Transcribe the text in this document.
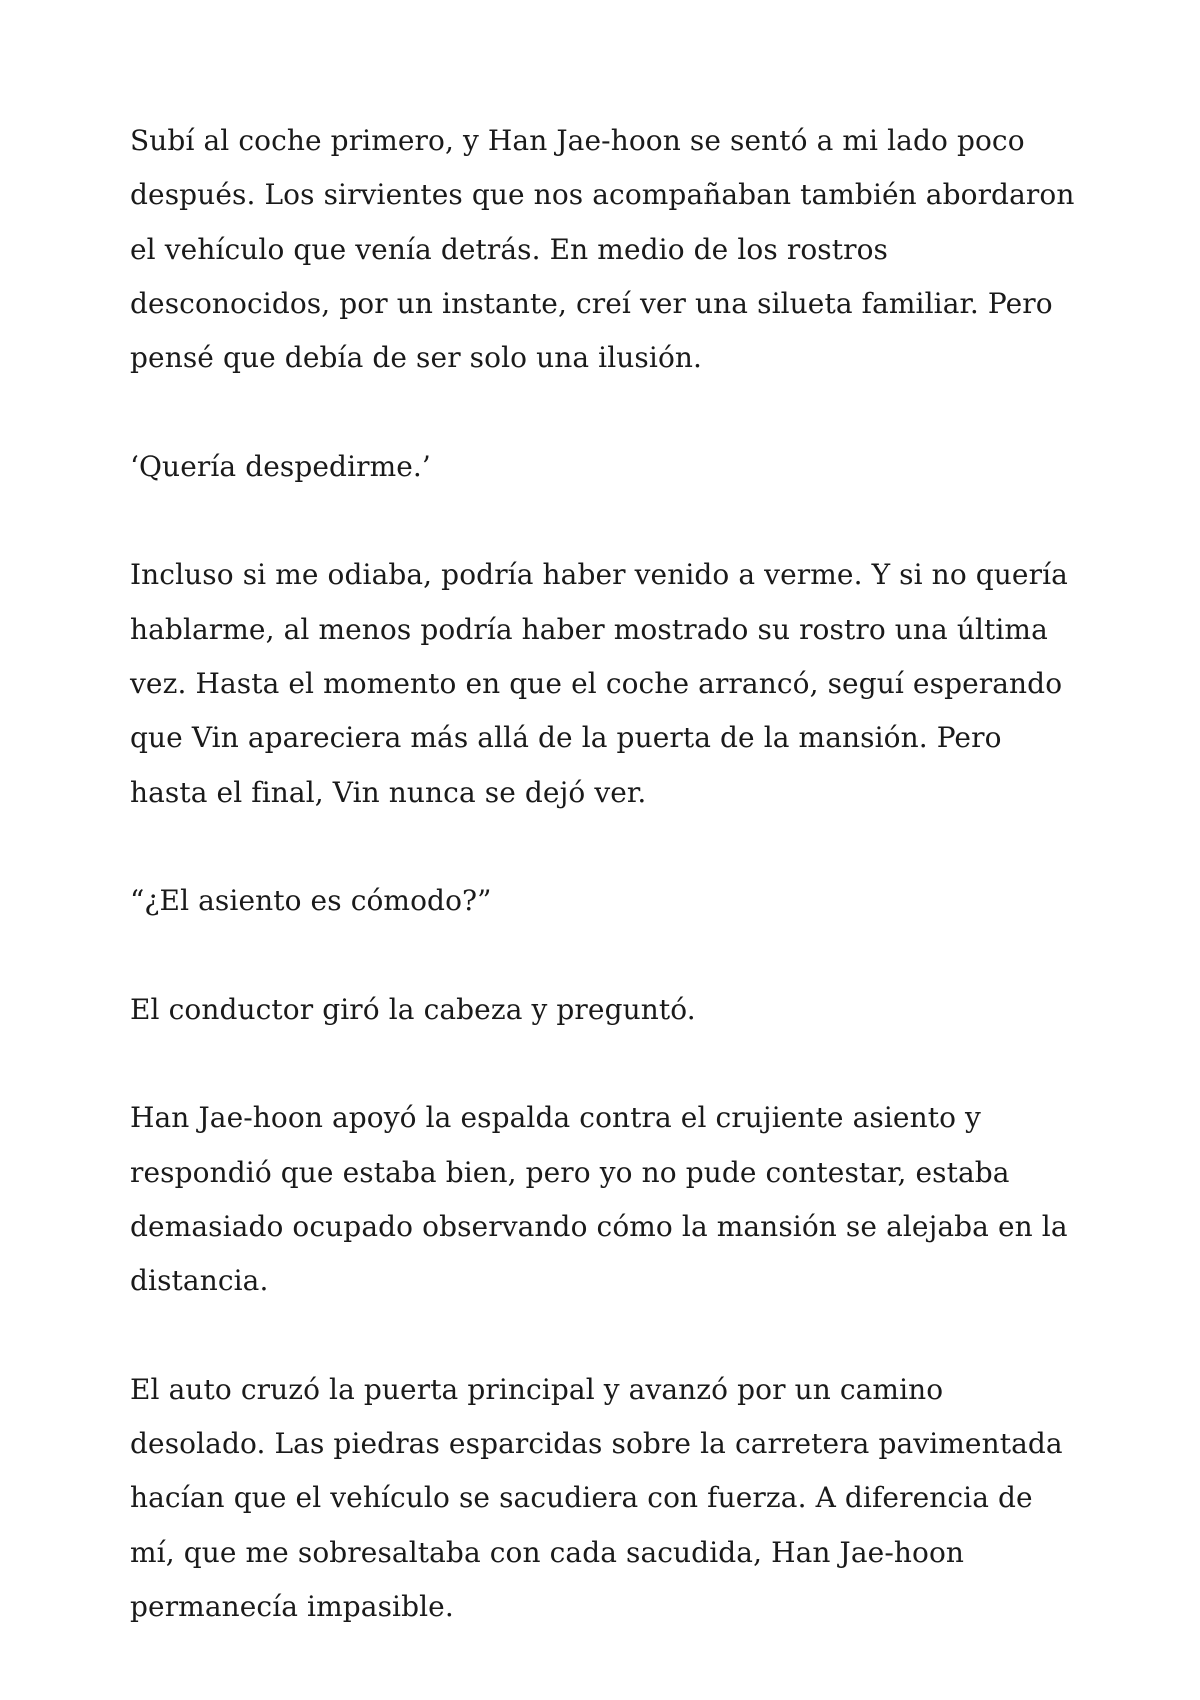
Subí al coche primero, y Han Jae-hoon se sentó a mi lado poco después. Los sirvientes que nos acompañaban también abordaron el vehículo que venía detrás. En medio de los rostros desconocidos, por un instante, creí ver una silueta familiar. Pero pensé que debía de ser solo una ilusión.

‘Quería despedirme.’

Incluso si me odiaba, podría haber venido a verme. Y si no quería hablarme, al menos podría haber mostrado su rostro una última vez. Hasta el momento en que el coche arrancó, seguí esperando que Vin apareciera más allá de la puerta de la mansión. Pero hasta el final, Vin nunca se dejó ver.

“¿El asiento es cómodo?”

El conductor giró la cabeza y preguntó.

Han Jae-hoon apoyó la espalda contra el crujiente asiento y respondió que estaba bien, pero yo no pude contestar, estaba demasiado ocupado observando cómo la mansión se alejaba en la distancia.

El auto cruzó la puerta principal y avanzó por un camino desolado. Las piedras esparcidas sobre la carretera pavimentada hacían que el vehículo se sacudiera con fuerza. A diferencia de mí, que me sobresaltaba con cada sacudida, Han Jae-hoon permanecía impasible.
